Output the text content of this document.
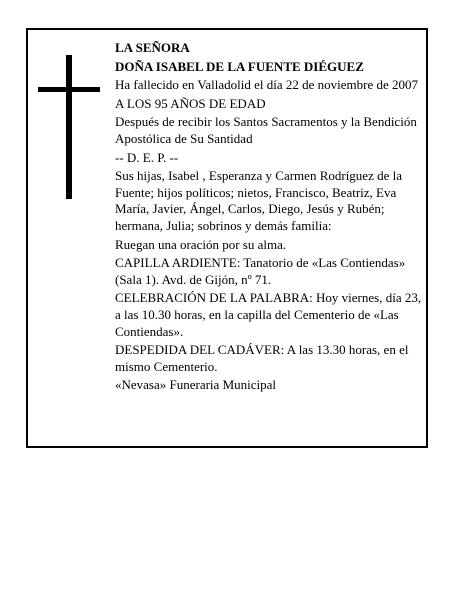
LA SEÑORA

DOÑA ISABEL DE LA FUENTE DIÉGUEZ

Ha fallecido en Valladolid el día 22 de noviembre de 2007

A LOS 95 AÑOS DE EDAD

Después de recibir los Santos Sacramentos y la Bendición Apostólica de Su Santidad

-- D. E. P. --

Sus hijas, Isabel , Esperanza y Carmen Rodríguez de la Fuente; hijos políticos; nietos, Francisco, Beatriz, Eva María, Javier, Ángel, Carlos, Diego, Jesús y Rubén; hermana, Julia; sobrinos y demás familia:

Ruegan una oración por su alma.

CAPILLA ARDIENTE: Tanatorio de «Las Contiendas» (Sala 1). Avd. de Gijón, nº 71.

CELEBRACIÓN DE LA PALABRA: Hoy viernes, día 23, a las 10.30 horas, en la capilla del Cementerio de «Las Contiendas».

DESPEDIDA DEL CADÁVER: A las 13.30 horas, en el mismo Cementerio.

«Nevasa» Funeraria Municipal
